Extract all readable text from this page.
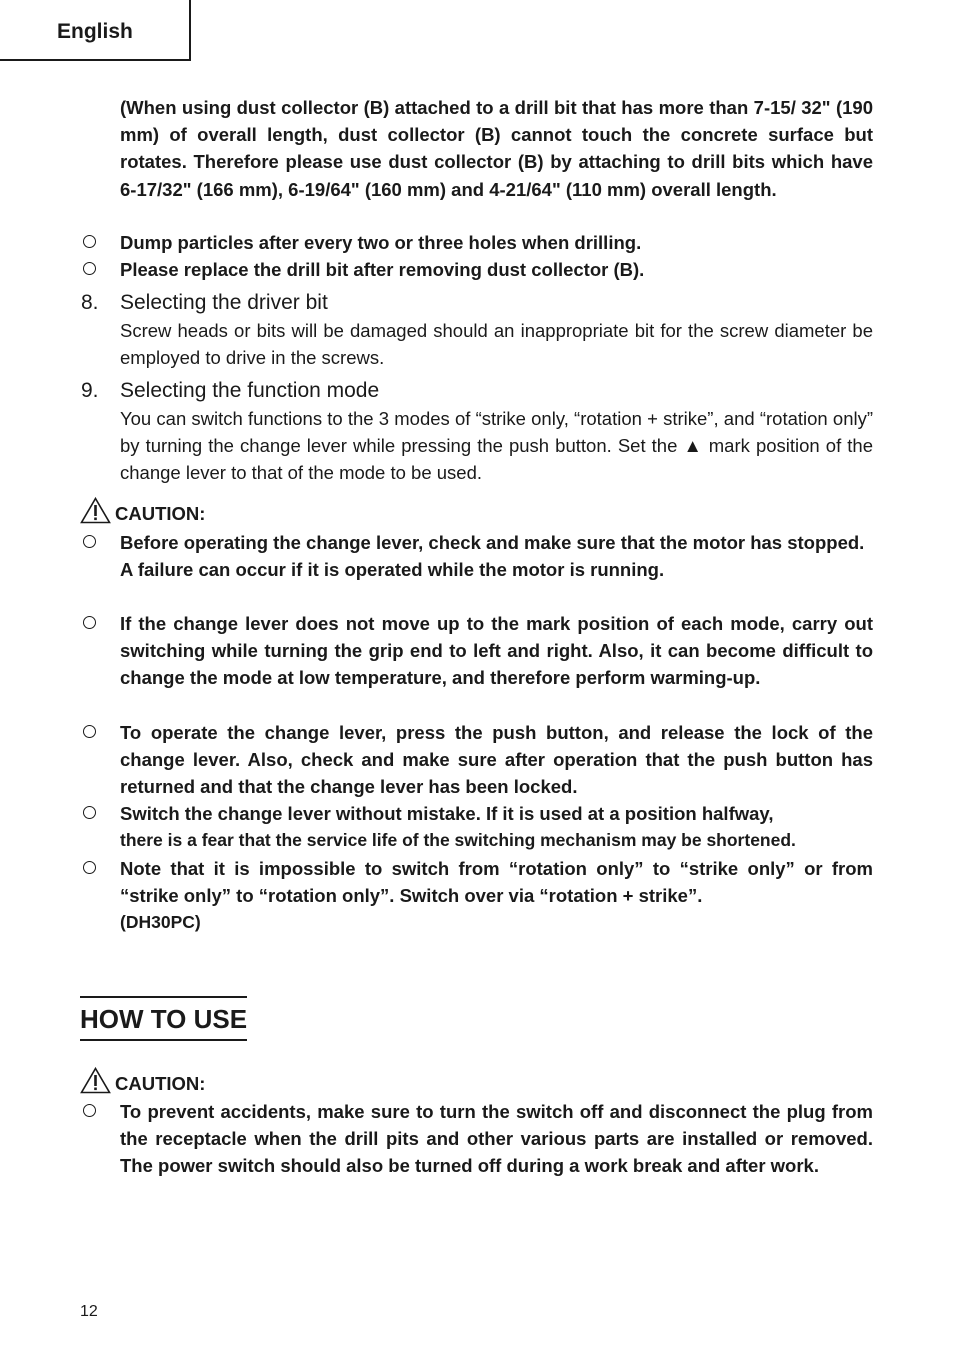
English
(When using dust collector (B) attached to a drill bit that has more than 7-15/ 32" (190 mm) of overall length, dust collector (B) cannot touch the concrete surface but rotates. Therefore please use dust collector (B) by attaching to drill bits which have 6-17/32" (166 mm), 6-19/64" (160 mm) and 4-21/64" (110 mm) overall length.
Dump particles after every two or three holes when drilling.
Please replace the drill bit after removing dust collector (B).
8. Selecting the driver bit
Screw heads or bits will be damaged should an inappropriate bit for the screw diameter be employed to drive in the screws.
9. Selecting the function mode
You can switch functions to the 3 modes of “strike only, “rotation + strike”, and “rotation only” by turning the change lever while pressing the push button. Set the ▲ mark position of the change lever to that of the mode to be used.
CAUTION:
Before operating the change lever, check and make sure that the motor has stopped.
A failure can occur if it is operated while the motor is running.
If the change lever does not move up to the mark position of each mode, carry out switching while turning the grip end to left and right. Also, it can become difficult to change the mode at low temperature, and therefore perform warming-up.
To operate the change lever, press the push button, and release the lock of the change lever. Also, check and make sure after operation that the push button has returned and that the change lever has been locked.
Switch the change lever without mistake. If it is used at a position halfway,
there is a fear that the service life of the switching mechanism may be shortened.
Note that it is impossible to switch from “rotation only” to “strike only” or from “strike only” to “rotation only”. Switch over via “rotation + strike”.
(DH30PC)
HOW TO USE
CAUTION:
To prevent accidents, make sure to turn the switch off and disconnect the plug from the receptacle when the drill pits and other various parts are installed or removed. The power switch should also be turned off during a work break and after work.
12
